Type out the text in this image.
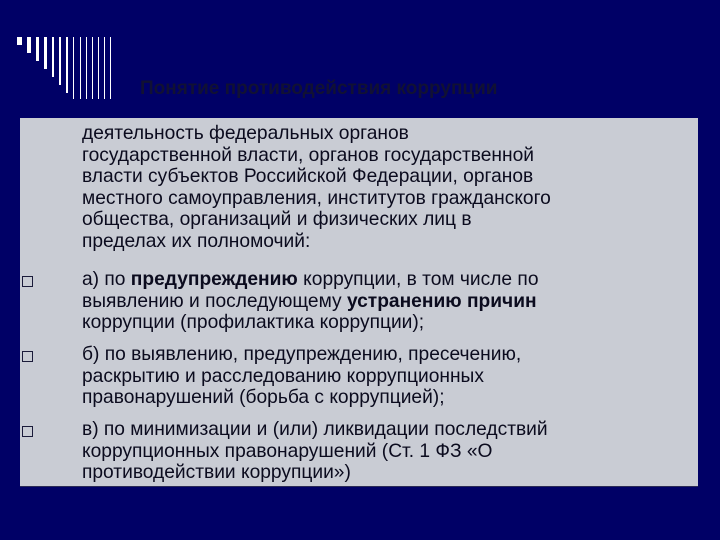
Понятие противодействия коррупции
деятельность федеральных органов
государственной власти, органов государственной
власти субъектов Российской Федерации, органов
местного самоуправления, институтов гражданского
общества, организаций и физических лиц в
пределах их полномочий:
а) по предупреждению коррупции, в том числе по
выявлению и последующему устранению причин
коррупции (профилактика коррупции);
б) по выявлению, предупреждению, пресечению,
раскрытию и расследованию коррупционных
правонарушений (борьба с коррупцией);
в) по минимизации и (или) ликвидации последствий
коррупционных правонарушений (Ст. 1 ФЗ «О
противодействии коррупции»)
